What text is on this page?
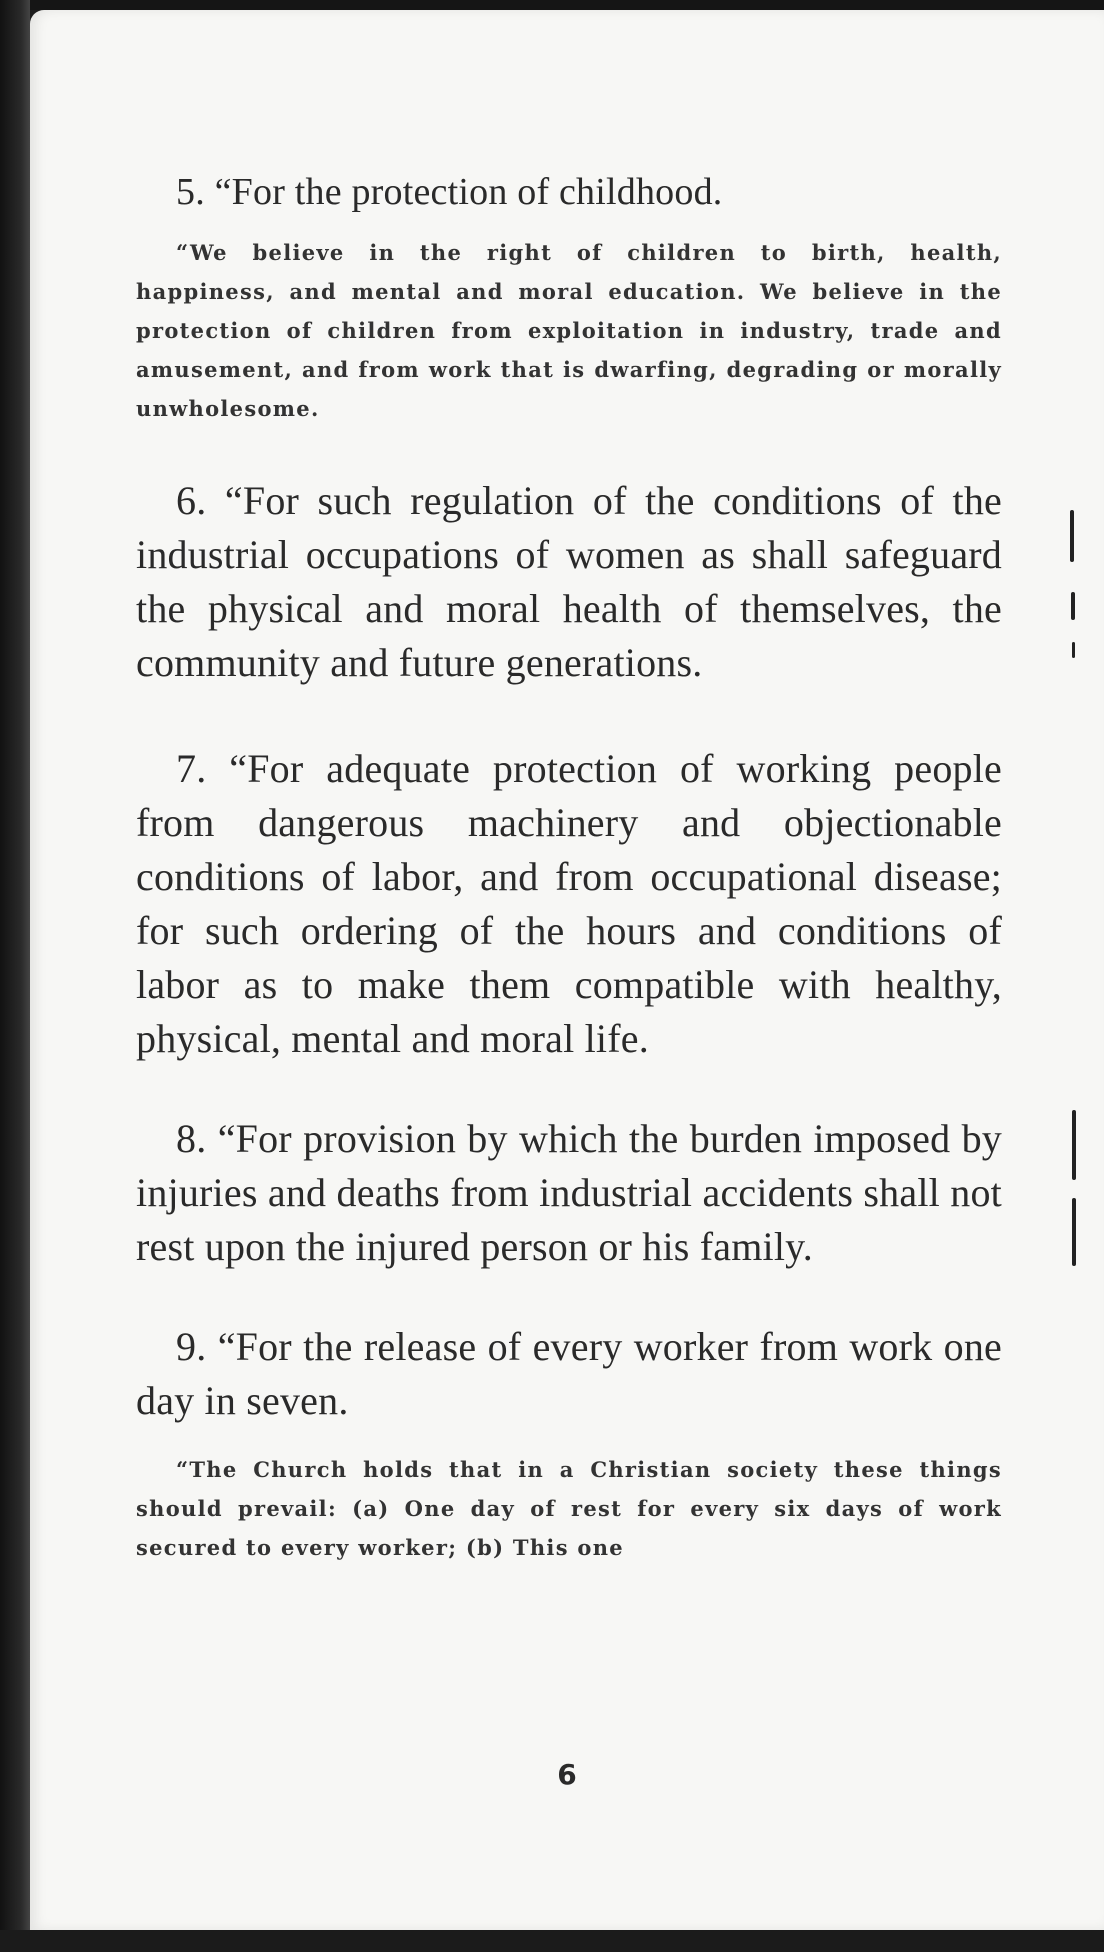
5. “For the protection of childhood.

“We believe in the right of children to birth, health, happiness, and mental and moral education. We believe in the protection of children from exploitation in industry, trade and amusement, and from work that is dwarfing, degrading or morally unwholesome.

6. “For such regulation of the conditions of the industrial occupations of women as shall safeguard the physical and moral health of themselves, the community and future generations.

7. “For adequate protection of working people from dangerous machinery and objectionable conditions of labor, and from occupational disease; for such ordering of the hours and conditions of labor as to make them compatible with healthy, physical, mental and moral life.

8. “For provision by which the burden imposed by injuries and deaths from industrial accidents shall not rest upon the injured person or his family.

9. “For the release of every worker from work one day in seven.

“The Church holds that in a Christian society these things should prevail: (a) One day of rest for every six days of work secured to every worker; (b) This one

6
